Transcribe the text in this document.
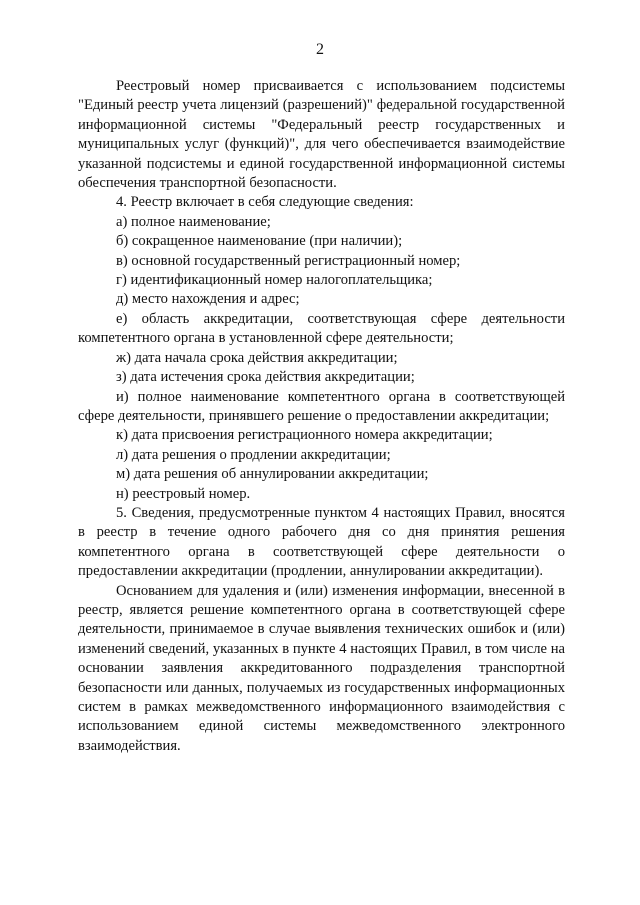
2

Реестровый номер присваивается с использованием подсистемы "Единый реестр учета лицензий (разрешений)" федеральной государственной информационной системы "Федеральный реестр государственных и муниципальных услуг (функций)", для чего обеспечивается взаимодействие указанной подсистемы и единой государственной информационной системы обеспечения транспортной безопасности.

4. Реестр включает в себя следующие сведения:

а) полное наименование;

б) сокращенное наименование (при наличии);

в) основной государственный регистрационный номер;

г) идентификационный номер налогоплательщика;

д) место нахождения и адрес;

е) область аккредитации, соответствующая сфере деятельности компетентного органа в установленной сфере деятельности;

ж) дата начала срока действия аккредитации;

з) дата истечения срока действия аккредитации;

и) полное наименование компетентного органа в соответствующей сфере деятельности, принявшего решение о предоставлении аккредитации;

к) дата присвоения регистрационного номера аккредитации;

л) дата решения о продлении аккредитации;

м) дата решения об аннулировании аккредитации;

н) реестровый номер.

5. Сведения, предусмотренные пунктом 4 настоящих Правил, вносятся в реестр в течение одного рабочего дня со дня принятия решения компетентного органа в соответствующей сфере деятельности о предоставлении аккредитации (продлении, аннулировании аккредитации).

Основанием для удаления и (или) изменения информации, внесенной в реестр, является решение компетентного органа в соответствующей сфере деятельности, принимаемое в случае выявления технических ошибок и (или) изменений сведений, указанных в пункте 4 настоящих Правил, в том числе на основании заявления аккредитованного подразделения транспортной безопасности или данных, получаемых из государственных информационных систем в рамках межведомственного информационного взаимодействия с использованием единой системы межведомственного электронного взаимодействия.
